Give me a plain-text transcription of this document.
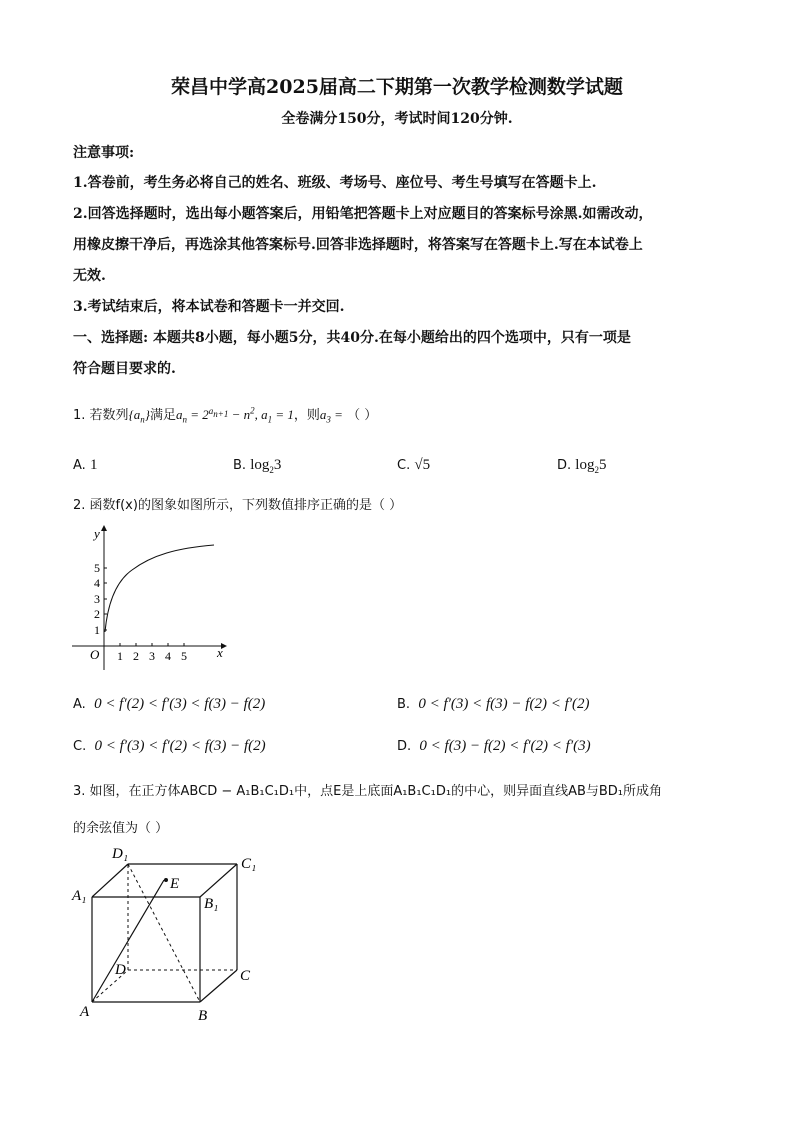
荣昌中学高2025届高二下期第一次教学检测数学试题
全卷满分150分，考试时间120分钟.
注意事项:
1.答卷前，考生务必将自己的姓名、班级、考场号、座位号、考生号填写在答题卡上.
2.回答选择题时，选出每小题答案后，用铅笔把答题卡上对应题目的答案标号涂黑.如需改动，
用橡皮擦干净后，再选涂其他答案标号.回答非选择题时，将答案写在答题卡上.写在本试卷上
无效.
3.考试结束后，将本试卷和答题卡一并交回.
一、选择题: 本题共8小题，每小题5分，共40分.在每小题给出的四个选项中，只有一项是
符合题目要求的.
1. 若数列$\{a_n\}$满足$a_n = 2^{a_{n+1}} - n^2$, $a_1 = 1$，则$a_3$ = （ ）
A. 1	B. $\log_23$	C. √5	D. $\log_25$
2. 函数f(x)的图象如图所示，下列数值排序正确的是（ ）
y
x
O
1
2
3
4
5
1 2 3 4 5
A. 0 < f′(2) < f′(3) < f(3) − f(2)	B. 0 < f′(3) < f(3) − f(2) < f′(2)
C. 0 < f′(3) < f′(2) < f(3) − f(2)	D. 0 < f(3) − f(2) < f′(2) < f′(3)
3. 如图，在正方体ABCD − A₁B₁C₁D₁中，点E是上底面A₁B₁C₁D₁的中心，则异面直线AB与BD₁所成角
的余弦值为（ ）
D₁
C₁
A₁	B₁
E
D	C
A	B
